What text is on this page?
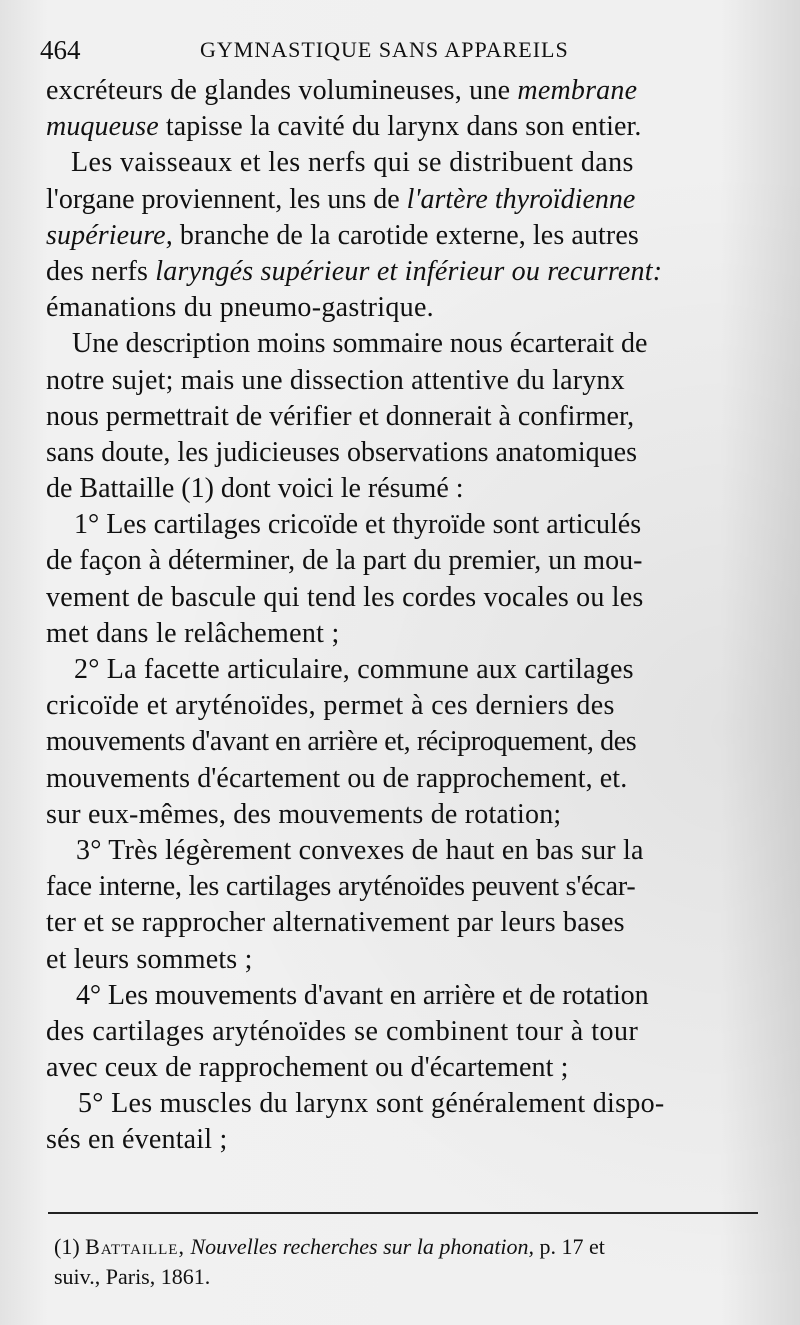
464	GYMNASTIQUE SANS APPAREILS
excréteurs de glandes volumineuses, une membrane
muqueuse tapisse la cavité du larynx dans son entier.
Les vaisseaux et les nerfs qui se distribuent dans
l'organe proviennent, les uns de l'artère thyroïdienne
supérieure, branche de la carotide externe, les autres
des nerfs laryngés supérieur et inférieur ou recurrent:
émanations du pneumo-gastrique.
Une description moins sommaire nous écarterait de
notre sujet; mais une dissection attentive du larynx
nous permettrait de vérifier et donnerait à confirmer,
sans doute, les judicieuses observations anatomiques
de Battaille (1) dont voici le résumé :
1° Les cartilages cricoïde et thyroïde sont articulés
de façon à déterminer, de la part du premier, un mou-
vement de bascule qui tend les cordes vocales ou les
met dans le relâchement ;
2° La facette articulaire, commune aux cartilages
cricoïde et aryténoïdes, permet à ces derniers des
mouvements d'avant en arrière et, réciproquement, des
mouvements d'écartement ou de rapprochement, et.
sur eux-mêmes, des mouvements de rotation;
3° Très légèrement convexes de haut en bas sur la
face interne, les cartilages aryténoïdes peuvent s'écar-
ter et se rapprocher alternativement par leurs bases
et leurs sommets ;
4° Les mouvements d'avant en arrière et de rotation
des cartilages aryténoïdes se combinent tour à tour
avec ceux de rapprochement ou d'écartement ;
5° Les muscles du larynx sont généralement dispo-
sés en éventail ;
(1) Battaille, Nouvelles recherches sur la phonation, p. 17 et
suiv., Paris, 1861.
